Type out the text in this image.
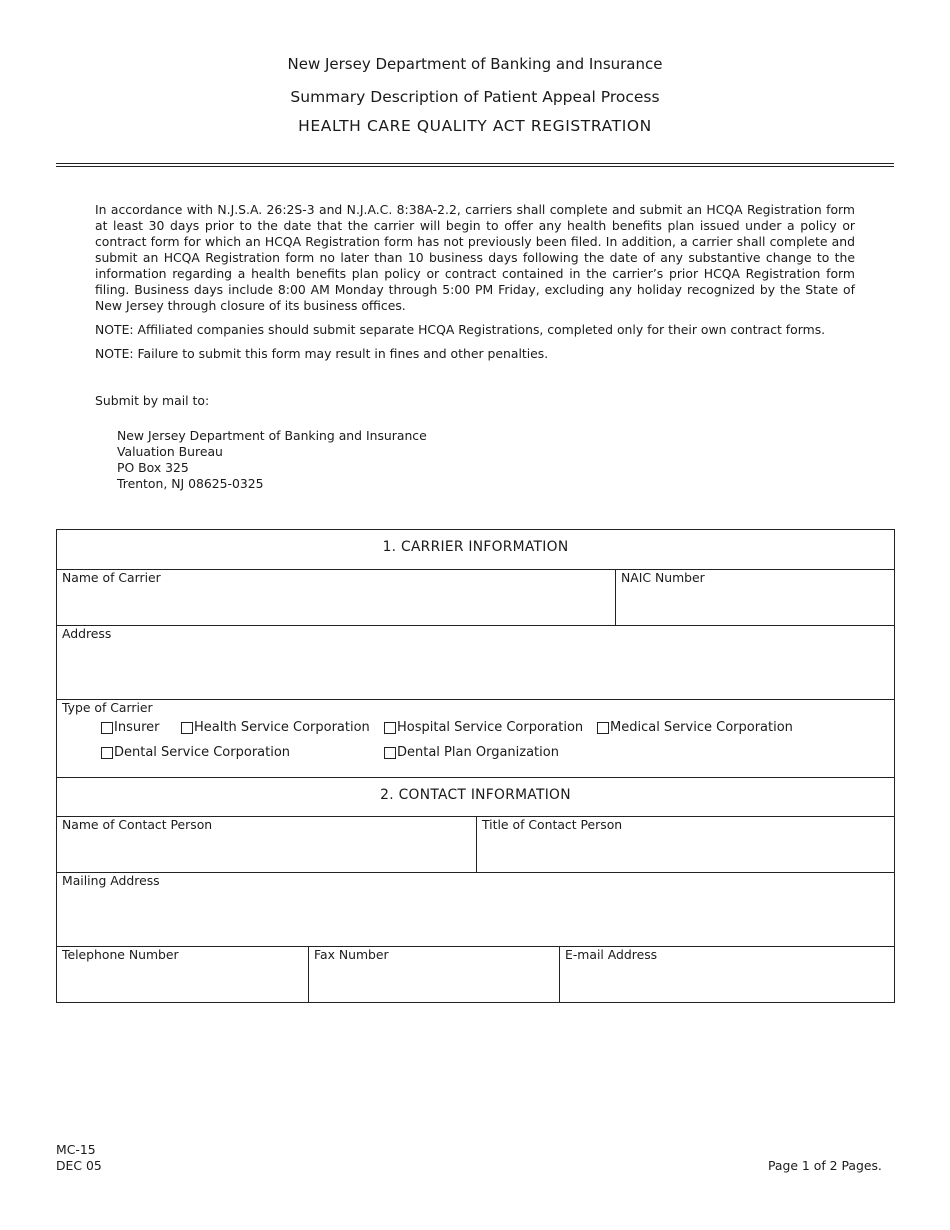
New Jersey Department of Banking and Insurance
Summary Description of Patient Appeal Process
HEALTH CARE QUALITY ACT REGISTRATION

In accordance with N.J.S.A. 26:2S-3 and N.J.A.C. 8:38A-2.2, carriers shall complete and submit an HCQA Registration form at least 30 days prior to the date that the carrier will begin to offer any health benefits plan issued under a policy or contract form for which an HCQA Registration form has not previously been filed. In addition, a carrier shall complete and submit an HCQA Registration form no later than 10 business days following the date of any substantive change to the information regarding a health benefits plan policy or contract contained in the carrier’s prior HCQA Registration form filing. Business days include 8:00 AM Monday through 5:00 PM Friday, excluding any holiday recognized by the State of New Jersey through closure of its business offices.

NOTE: Affiliated companies should submit separate HCQA Registrations, completed only for their own contract forms.

NOTE: Failure to submit this form may result in fines and other penalties.

Submit by mail to:
New Jersey Department of Banking and Insurance
Valuation Bureau
PO Box 325
Trenton, NJ 08625-0325
1. CARRIER INFORMATION
Name of Carrier	NAIC Number
Address
Type of Carrier
Insurer	Health Service Corporation Hospital Service Corporation Medical Service Corporation
Dental Service Corporation	Dental Plan Organization
2. CONTACT INFORMATION
Name of Contact Person	Title of Contact Person
Mailing Address
Telephone Number	Fax Number	E-mail Address
MC-15
DEC 05	Page 1 of 2 Pages.
